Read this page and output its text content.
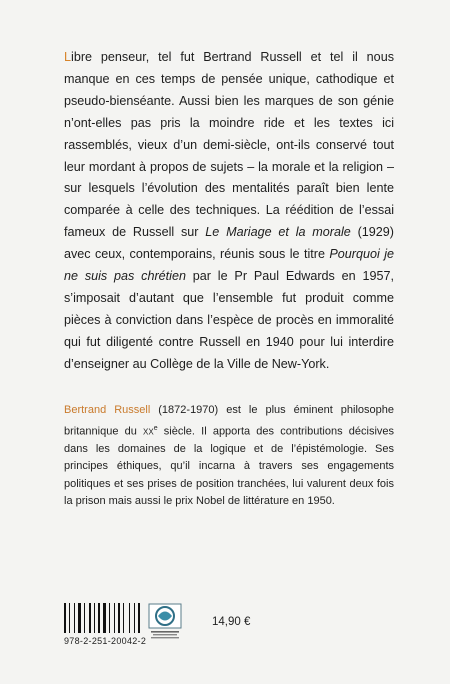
Libre penseur, tel fut Bertrand Russell et tel il nous manque en ces temps de pensée unique, cathodique et pseudo-bienséante. Aussi bien les marques de son génie n’ont-elles pas pris la moindre ride et les textes ici rassemblés, vieux d’un demi-siècle, ont-ils conservé tout leur mordant à propos de sujets – la morale et la religion – sur lesquels l’évolution des mentalités paraît bien lente comparée à celle des techniques. La réédition de l’essai fameux de Russell sur Le Mariage et la morale (1929) avec ceux, contemporains, réunis sous le titre Pourquoi je ne suis pas chrétien par le Pr Paul Edwards en 1957, s’imposait d’autant que l’ensemble fut produit comme pièces à conviction dans l’espèce de procès en immoralité qui fut diligenté contre Russell en 1940 pour lui interdire d’enseigner au Collège de la Ville de New-York.
Bertrand Russell (1872-1970) est le plus éminent philosophe britannique du XXe siècle. Il apporta des contributions décisives dans les domaines de la logique et de l’épistémologie. Ses principes éthiques, qu’il incarna à travers ses engagements politiques et ses prises de position tranchées, lui valurent deux fois la prison mais aussi le prix Nobel de littérature en 1950.
978-2-251-20042-2
14,90 €
